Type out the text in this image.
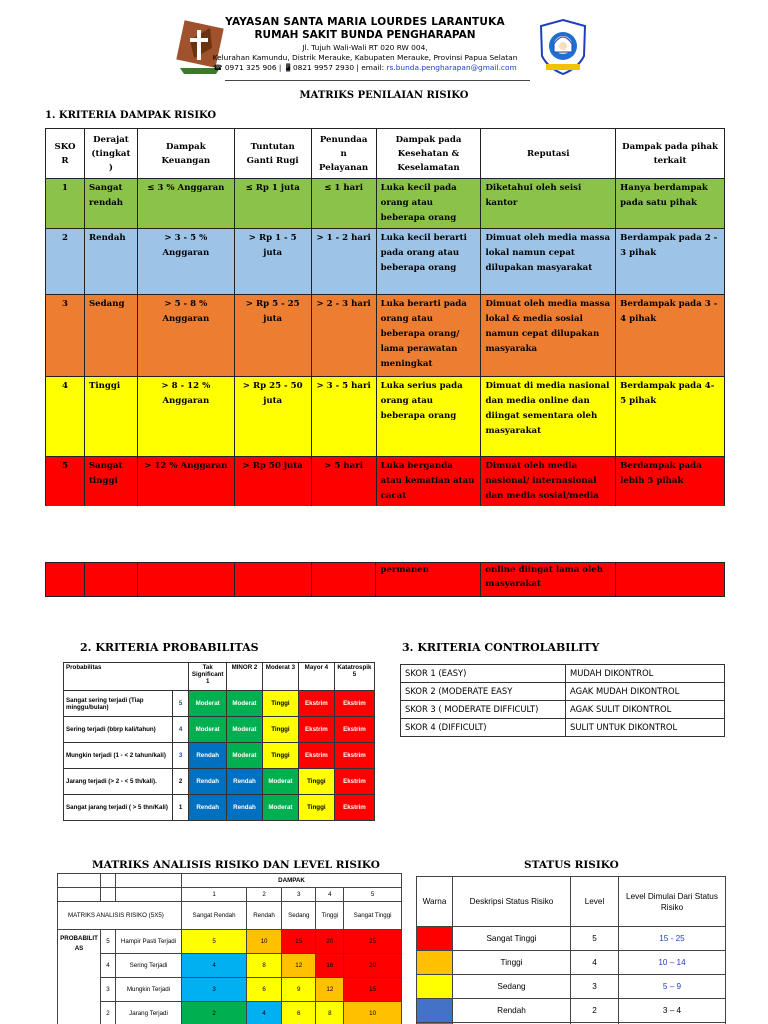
YAYASAN SANTA MARIA LOURDES LARANTUKA
RUMAH SAKIT BUNDA PENGHARAPAN
Jl. Tujuh Wali-Wali RT 020 RW 004,
Kelurahan Kamundu, Distrik Merauke, Kabupaten Merauke, Provinsi Papua Selatan
☎ 0971 325 906 | 📱0821 9957 2930 | email: rs.bunda.pengharapan@gmail.com
MATRIKS PENILAIAN RISIKO
1. KRITERIA DAMPAK RISIKO
SKO R	Derajat (tingkat )	Dampak Keuangan	Tuntutan Ganti Rugi	Penundaa n Pelayanan	Dampak pada Kesehatan & Keselamatan	Reputasi	Dampak pada pihak terkait
1	Sangat rendah	≤ 3 % Anggaran	≤ Rp 1 juta	≤ 1 hari	Luka kecil pada orang atau beberapa orang	Diketahui oleh seisi kantor	Hanya berdampak pada satu pihak
2	Rendah	> 3 - 5 % Anggaran	> Rp 1 - 5 juta	> 1 - 2 hari	Luka kecil berarti pada orang atau beberapa orang	Dimuat oleh media massa lokal namun cepat dilupakan masyarakat	Berdampak pada 2 - 3 pihak
3	Sedang	> 5 - 8 % Anggaran	> Rp 5 - 25 juta	> 2 - 3 hari	Luka berarti pada orang atau beberapa orang/ lama perawatan meningkat	Dimuat oleh media massa lokal & media sosial namun cepat dilupakan masyaraka	Berdampak pada 3 - 4 pihak
4	Tinggi	> 8 - 12 % Anggaran	> Rp 25 - 50 juta	> 3 - 5 hari	Luka serius pada orang atau beberapa orang	Dimuat di media nasional dan media online dan diingat sementara oleh masyarakat	Berdampak pada 4-5 pihak
5	Sangat tinggi	> 12 % Anggaran	> Rp 50 juta	> 5 hari	Luka berganda atau kematian atau cacat	Dimuat oleh media nasional/ internasional dan media sosial/media	Berdampak pada lebih 5 pihak
					permanen	online diingat lama oleh masyarakat	
2. KRITERIA PROBABILITAS	3. KRITERIA CONTROLABILITY
Probabilitas		Tak Significant 1	MINOR 2	Moderat 3	Mayor 4	Katatrospik 5
Sangat sering terjadi (Tiap minggu/bulan)	5	Moderat	Moderat	Tinggi	Ekstrim	Ekstrim
Sering terjadi (bbrp kali/tahun)	4	Moderat	Moderat	Tinggi	Ekstrim	Ekstrim
Mungkin terjadi (1 - < 2 tahun/kali)	3	Rendah	Moderat	Tinggi	Ekstrim	Ekstrim
Jarang terjadi (> 2 - < 5 th/kali).	2	Rendah	Rendah	Moderat	Tinggi	Ekstrim
Sangat jarang terjadi ( > 5 thn/Kali)	1	Rendah	Rendah	Moderat	Tinggi	Ekstrim
SKOR 1 (EASY)	MUDAH DIKONTROL
SKOR 2 (MODERATE EASY	AGAK MUDAH DIKONTROL
SKOR 3 ( MODERATE DIFFICULT)	AGAK SULIT DIKONTROL
SKOR 4 (DIFFICULT)	SULIT UNTUK DIKONTROL
MATRIKS ANALISIS RISIKO DAN LEVEL RISIKO	STATUS RISIKO
			DAMPAK				
			1	2	3	4	5
MATRIKS ANALISIS RISIKO (5X5)			Sangat Rendah	Rendah	Sedang	Tinggi	Sangat Tinggi
PROBABILITAS	5	Hampir Pasti Terjadi	5	10	15	20	25
	4	Sering Terjadi	4	8	12	16	20
	3	Mungkin Terjadi	3	6	9	12	15
	2	Jarang Terjadi	2	4	6	8	10
Warna	Deskripsi Status Risiko	Level	Level Dimulai Dari Status Risiko
	Sangat Tinggi	5	15 - 25
	Tinggi	4	10 – 14
	Sedang	3	5 – 9
	Rendah	2	3 – 4
